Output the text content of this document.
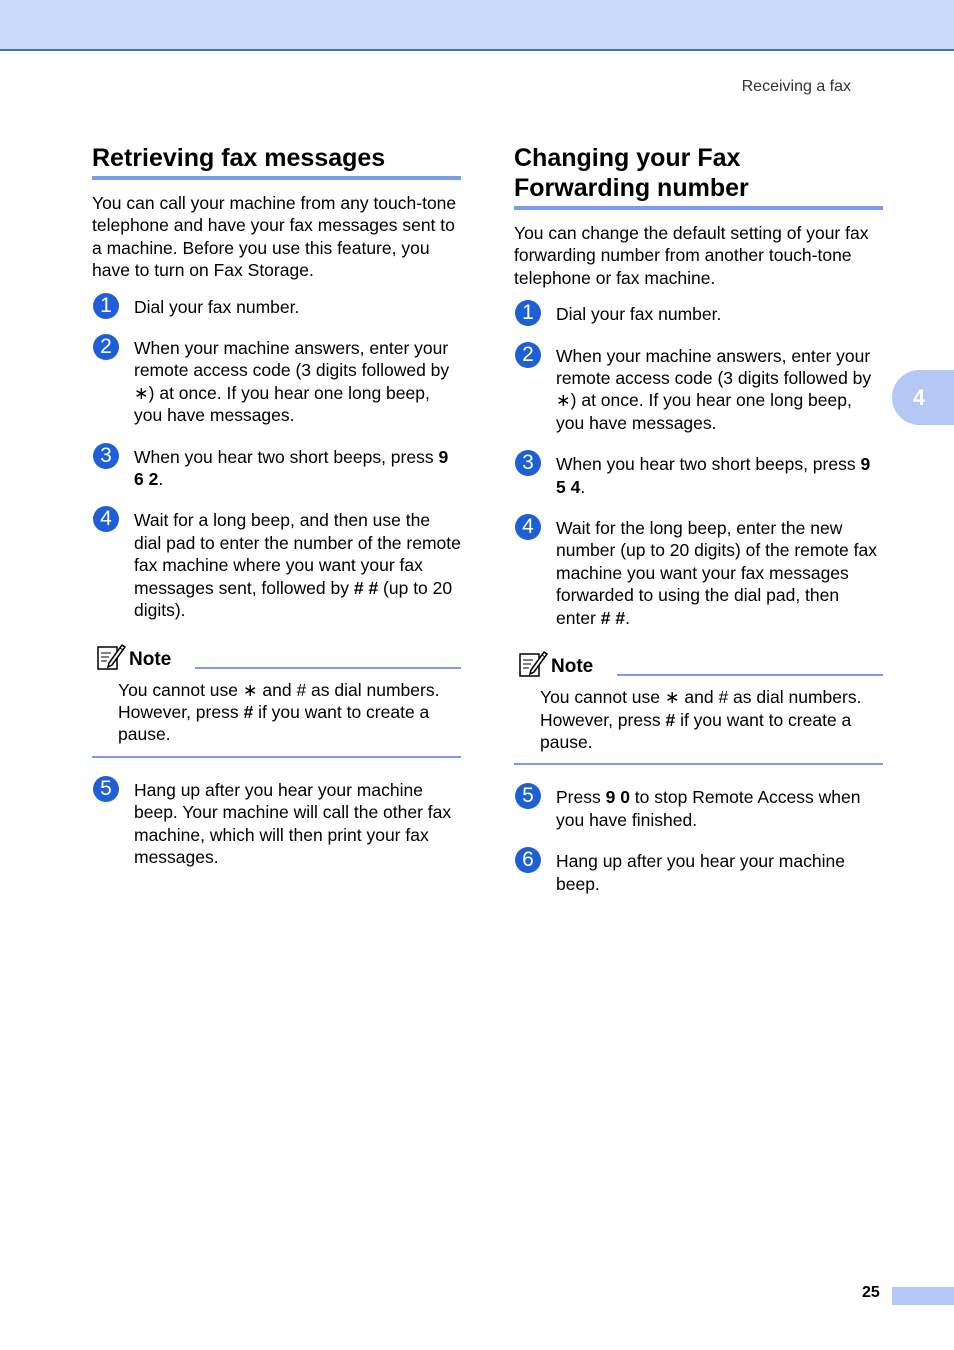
Receiving a fax
Retrieving fax messages

You can call your machine from any touch-tone telephone and have your fax messages sent to a machine. Before you use this feature, you have to turn on Fax Storage.

1	Dial your fax number.
2	When your machine answers, enter your remote access code (3 digits followed by ∗) at once. If you hear one long beep, you have messages.
3	When you hear two short beeps, press 9 6 2.
4	Wait for a long beep, and then use the dial pad to enter the number of the remote fax machine where you want your fax messages sent, followed by # # (up to 20 digits).
Note
You cannot use ∗ and # as dial numbers. However, press # if you want to create a pause.
5	Hang up after you hear your machine beep. Your machine will call the other fax machine, which will then print your fax messages.
Changing your Fax Forwarding number

You can change the default setting of your fax forwarding number from another touch-tone telephone or fax machine.

1	Dial your fax number.
2	When your machine answers, enter your remote access code (3 digits followed by ∗) at once. If you hear one long beep, you have messages.
3	When you hear two short beeps, press 9 5 4.
4	Wait for the long beep, enter the new number (up to 20 digits) of the remote fax machine you want your fax messages forwarded to using the dial pad, then enter # #.
Note
You cannot use ∗ and # as dial numbers. However, press # if you want to create a pause.
5	Press 9 0 to stop Remote Access when you have finished.
6	Hang up after you hear your machine beep.
4
25
